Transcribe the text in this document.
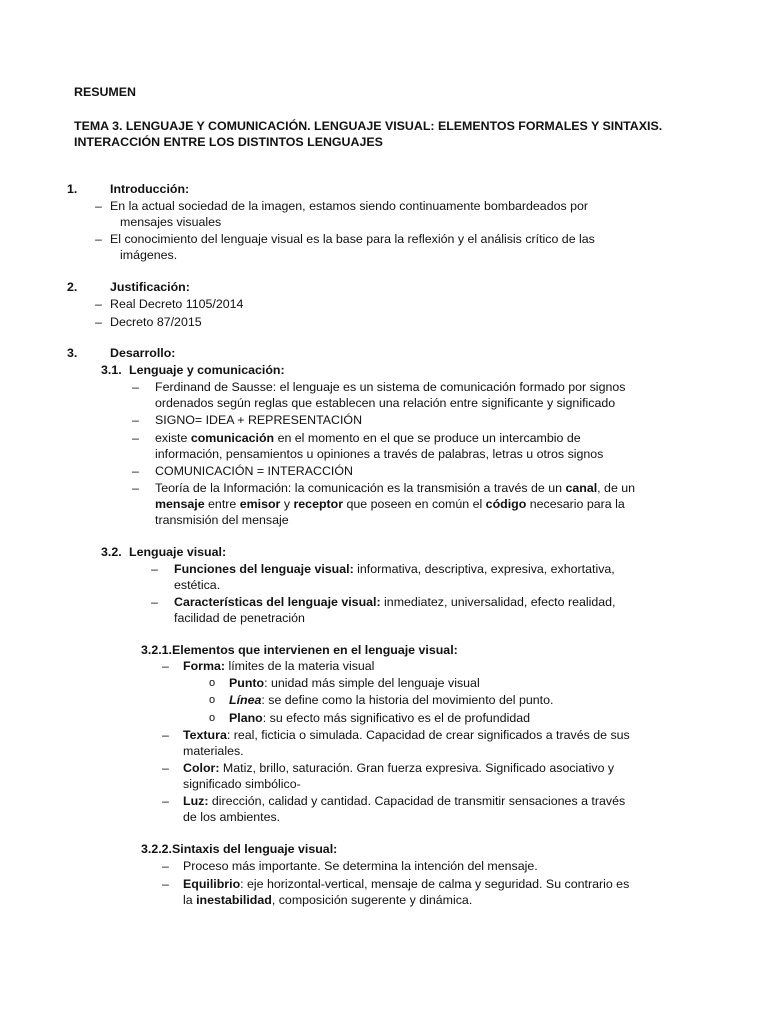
RESUMEN
TEMA 3. LENGUAJE Y COMUNICACIÓN. LENGUAJE VISUAL: ELEMENTOS FORMALES Y SINTAXIS.
INTERACCIÓN ENTRE LOS DISTINTOS LENGUAJES
1.	Introducción:
– En la actual sociedad de la imagen, estamos siendo continuamente bombardeados por
mensajes visuales
– El conocimiento del lenguaje visual es la base para la reflexión y el análisis crítico de las
imágenes.
2.	Justificación:
– Real Decreto 1105/2014
– Decreto 87/2015
3.	Desarrollo:
3.1. Lenguaje y comunicación:
‒ Ferdinand de Sausse: el lenguaje es un sistema de comunicación formado por signos
ordenados según reglas que establecen una relación entre significante y significado
‒ SIGNO= IDEA + REPRESENTACIÓN
‒ existe comunicación en el momento en el que se produce un intercambio de
información, pensamientos u opiniones a través de palabras, letras u otros signos
‒ COMUNICACIÓN = INTERACCIÓN
‒ Teoría de la Información: la comunicación es la transmisión a través de un canal, de un
mensaje entre emisor y receptor que poseen en común el código necesario para la
transmisión del mensaje
3.2. Lenguaje visual:
‒ Funciones del lenguaje visual: informativa, descriptiva, expresiva, exhortativa,
estética.
‒ Características del lenguaje visual: inmediatez, universalidad, efecto realidad,
facilidad de penetración
3.2.1.Elementos que intervienen en el lenguaje visual:
– Forma: límites de la materia visual
o Punto: unidad más simple del lenguaje visual
o Línea: se define como la historia del movimiento del punto.
o Plano: su efecto más significativo es el de profundidad
– Textura: real, ficticia o simulada. Capacidad de crear significados a través de sus
materiales.
– Color: Matiz, brillo, saturación. Gran fuerza expresiva. Significado asociativo y
significado simbólico-
– Luz: dirección, calidad y cantidad. Capacidad de transmitir sensaciones a través
de los ambientes.
3.2.2.Sintaxis del lenguaje visual:
‒ Proceso más importante. Se determina la intención del mensaje.
‒ Equilibrio: eje horizontal-vertical, mensaje de calma y seguridad. Su contrario es
la inestabilidad, composición sugerente y dinámica.
